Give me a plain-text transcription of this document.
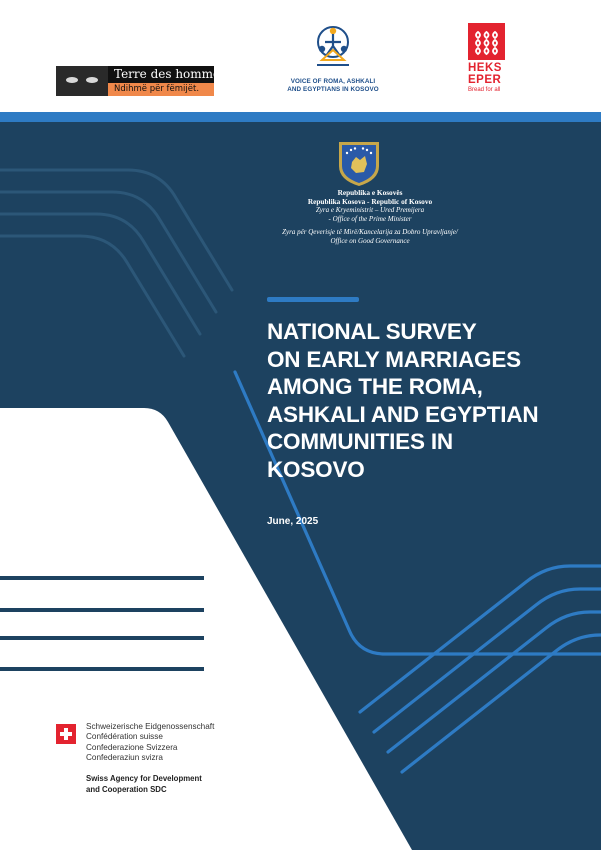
Terre des hommes
Ndihmë për fëmijët.
VOICE OF ROMA, ASHKALI
AND EGYPTIANS IN KOSOVO
HEKS
EPER
Bread for all
Republika e Kosovës
Republika Kosova - Republic of Kosovo
Zyra e Kryeministrit – Ured Premijera
- Office of the Prime Minister
Zyra për Qeverisje të Mirë/Kancelarija za Dobro Upravljanje/
Office on Good Governance
NATIONAL SURVEY
ON EARLY MARRIAGES
AMONG THE ROMA,
ASHKALI AND EGYPTIAN
COMMUNITIES IN
KOSOVO
June, 2025
Schweizerische Eidgenossenschaft
Confédération suisse
Confederazione Svizzera
Confederaziun svizra
Swiss Agency for Development
and Cooperation SDC
